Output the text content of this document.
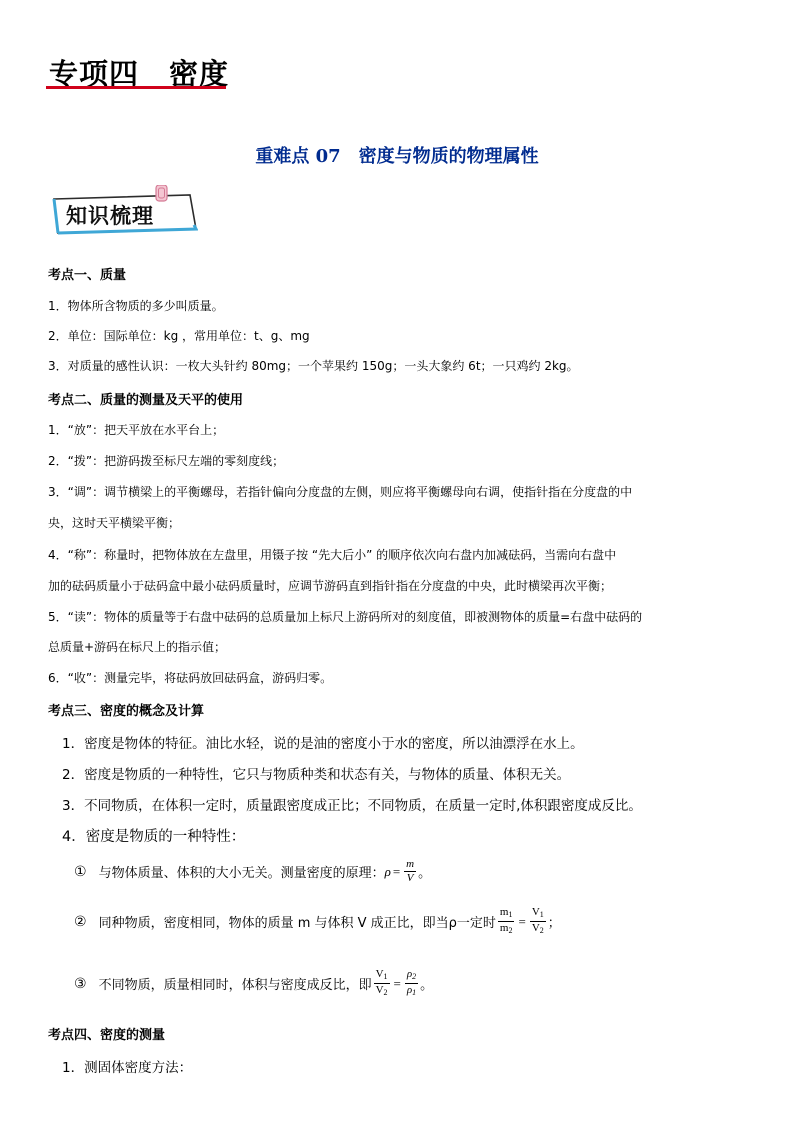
专项四　密度
重难点 07　密度与物质的物理属性
知识梳理
考点一、质量
1．物体所含物质的多少叫质量。
2．单位：国际单位：kg ，常用单位：t、g、mg
3．对质量的感性认识：一枚大头针约 80mg；一个苹果约 150g；一头大象约 6t；一只鸡约 2kg。
考点二、质量的测量及天平的使用
1．“放”：把天平放在水平台上；
2．“拨”：把游码拨至标尺左端的零刻度线；
3．“调”：调节横梁上的平衡螺母，若指针偏向分度盘的左侧，则应将平衡螺母向右调，使指针指在分度盘的中
央，这时天平横梁平衡；
4．“称”：称量时，把物体放在左盘里，用镊子按 “先大后小” 的顺序依次向右盘内加减砝码，当需向右盘中
加的砝码质量小于砝码盒中最小砝码质量时，应调节游码直到指针指在分度盘的中央，此时横梁再次平衡；
5．“读”：物体的质量等于右盘中砝码的总质量加上标尺上游码所对的刻度值，即被测物体的质量=右盘中砝码的
总质量+游码在标尺上的指示值；
6．“收”：测量完毕，将砝码放回砝码盒，游码归零。
考点三、密度的概念及计算
1．密度是物体的特征。油比水轻，说的是油的密度小于水的密度，所以油漂浮在水上。
2．密度是物质的一种特性，它只与物质种类和状态有关，与物体的质量、体积无关。
3．不同物质，在体积一定时，质量跟密度成正比；不同物质，在质量一定时,体积跟密度成反比。
4．密度是物质的一种特性：
① 与物体质量、体积的大小无关。测量密度的原理： $\rho = \frac{m}{V}$ 。
② 同种物质，密度相同，物体的质量 m 与体积 V 成正比，即当ρ一定时 $\frac{m_1}{m_2} = \frac{V_1}{V_2}$ ；
③ 不同物质，质量相同时，体积与密度成反比，即 $\frac{V_1}{V_2} = \frac{\rho_2}{\rho_1}$ 。
考点四、密度的测量
1．测固体密度方法：
